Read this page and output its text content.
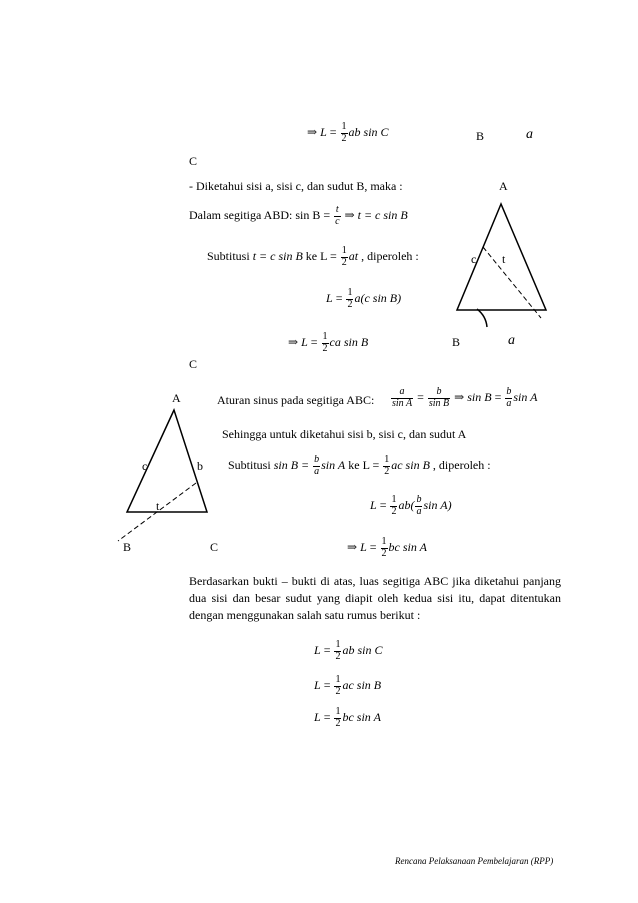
⇒ $L = \frac{1}{2}$ ab sin C	B	a
C
- Diketahui sisi a, sisi c, dan sudut B, maka :	A
Dalam segitiga ABD: $\sin B = \frac{t}{c}$ ⇒ t = c sin B
Subtitusi t = c sin B ke $L = \frac{1}{2}$ at , diperoleh :
$L = \frac{1}{2} a(c$ sin B)
⇒ $L = \frac{1}{2}$ ca sin B
C
c t
B	a
Aturan sinus pada segitiga ABC: $\frac{a}{\text{sin A}} = \frac{b}{\text{sin B}}$ ⇒ $\sin B = \frac{b}{a}$ sin A
Sehingga untuk diketahui sisi b, sisi c, dan sudut A
Subtitusi $\sin B = \frac{b}{a}$ sin A ke $L = \frac{1}{2}$ ac sin B , diperoleh :
$L = \frac{1}{2} ab( \frac{b}{a}$ sin A)
⇒ $L = \frac{1}{2}$ bc sin A
A
c	b
t
B	C
Berdasarkan bukti – bukti di atas, luas segitiga ABC jika diketahui panjang dua sisi dan besar sudut yang diapit oleh kedua sisi itu, dapat ditentukan dengan menggunakan salah satu rumus berikut :
$L = \frac{1}{2}$ ab sin C
$L = \frac{1}{2}$ ac sin B
$L = \frac{1}{2}$ bc sin A
Rencana Pelaksanaan Pembelajaran (RPP)
